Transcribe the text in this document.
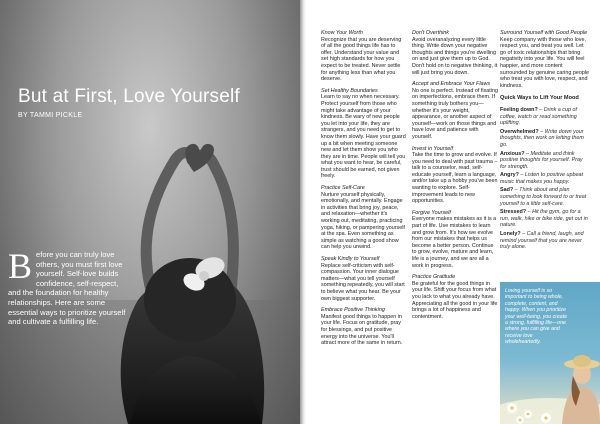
But at First, Love Yourself
BY TAMMI PICKLE
Before you can truly love others, you must first love yourself. Self-love builds confidence, self-respect, and the foundation for healthy relationships. Here are some essential ways to prioritize yourself and cultivate a fulfilling life.

Know Your Worth
Recognize that you are deserving of all the good things life has to offer. Understand your value and set high standards for how you expect to be treated. Never settle for anything less than what you deserve.

Set Healthy Boundaries
Learn to say no when necessary. Protect yourself from those who might take advantage of your kindness. Be wary of new people you let into your life, they are strangers, and you need to get to know them slowly. Have your guard up a bit when meeting someone new and let them show you who they are in time. People will tell you what you want to hear, be careful, trust should be earned, not given freely.

Practice Self-Care
Nurture yourself physically, emotionally, and mentally. Engage in activities that bring joy, peace, and relaxation—whether it's working out, meditating, practicing yoga, hiking, or pampering yourself at the spa. Even something as simple as watching a good show can help you unwind.

Speak Kindly to Yourself
Replace self-criticism with self-compassion. Your inner dialogue matters—what you tell yourself something repeatedly, you will start to believe what you hear. Be your own biggest supporter.

Embrace Positive Thinking
Manifest good things to happen in your life. Focus on gratitude, pray for blessings, and put positive energy into the universe. You'll attract more of the same in return.

Don't Overthink
Avoid overanalyzing every little thing. Write down your negative thoughts and things you're dwelling on and just give them up to God. Don't hold on to negative thinking, it will just bring you down.

Accept and Embrace Your Flaws
No one is perfect. Instead of fixating on imperfections, embrace them. If something truly bothers you—whether it's your weight, appearance, or another aspect of yourself—work on those things and have love and patience with yourself.

Invest in Yourself
Take the time to grow and evolve. If you need to deal with past trauma – talk to a counselor, read, self-educate yourself, learn a language, and/or take up a hobby you've been wanting to explore. Self-improvement leads to new opportunities.

Forgive Yourself
Everyone makes mistakes as it is a part of life. Use mistakes to learn and grow from. It's how we evolve from our mistakes that helps us become a better person. Continue to grow, evolve, mature and learn, life is a journey, and we are all a work in progress.

Practice Gratitude
Be grateful for the good things in your life. Shift your focus from what you lack to what you already have. Appreciating all the good in your life brings a lot of happiness and contentment.

Surround Yourself with Good People
Keep company with those who love, respect you, and treat you well. Let go of toxic relationships that bring negativity into your life. You will feel happier, and more content surrounded by genuine caring people who treat you with love, respect, and kindness.

Quick Ways to Lift Your Mood
Feeling down? – Drink a cup of coffee, watch or read something uplifting.
Overwhelmed? – Write down your thoughts, then work on letting them go.
Anxious? – Meditate and think positive thoughts for yourself. Pray for strength.
Angry? – Listen to positive upbeat music that makes you happy.
Sad? – Think about and plan something to look forward to or treat yourself to a little self-care.
Stressed? – Hit the gym, go for a run, walk, hike or bike ride, get out in nature.
Lonely? – Call a friend, laugh, and remind yourself that you are never truly alone.
Loving yourself is so important to being whole, complete, content, and happy. When you prioritize your well-being, you create a strong, fulfilling life—one where you can give and receive love wholeheartedly.
